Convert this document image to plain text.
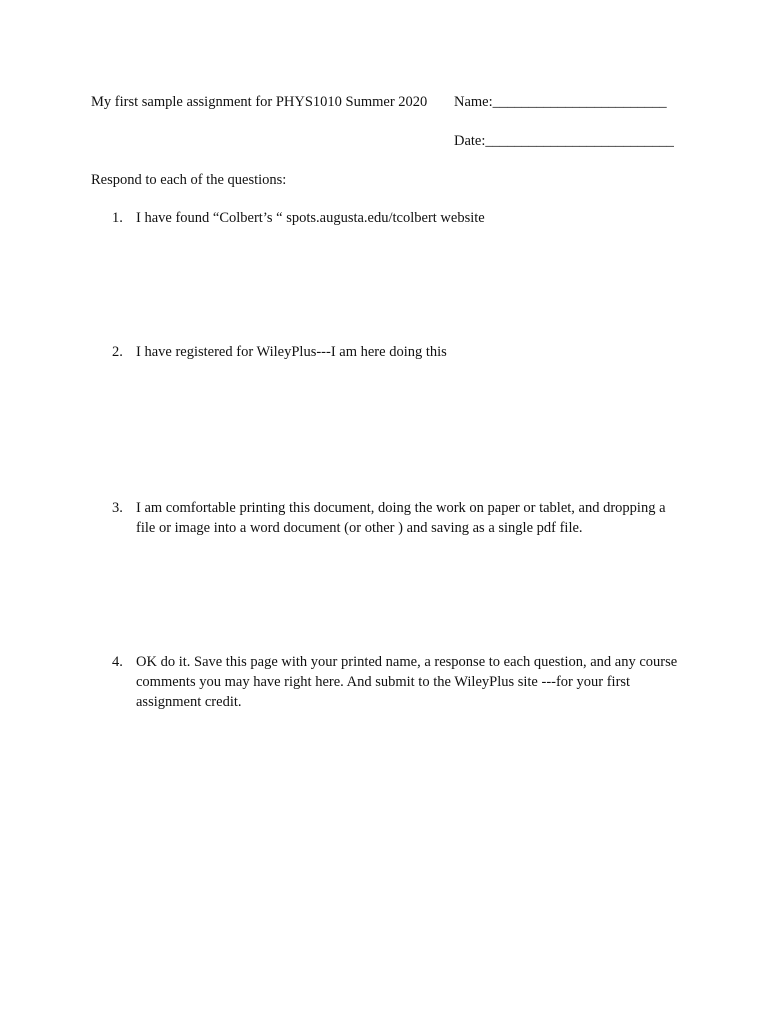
My first sample assignment for PHYS1010 Summer 2020 Name:________________________
Date:__________________________
Respond to each of the questions:
1. I have found “Colbert’s “ spots.augusta.edu/tcolbert website
2. I have registered for WileyPlus---I am here doing this
3. I am comfortable printing this document, doing the work on paper or tablet, and dropping a file or image into a word document (or other ) and saving as a single pdf file.
4. OK do it. Save this page with your printed name, a response to each question, and any course comments you may have right here. And submit to the WileyPlus site ---for your first assignment credit.
